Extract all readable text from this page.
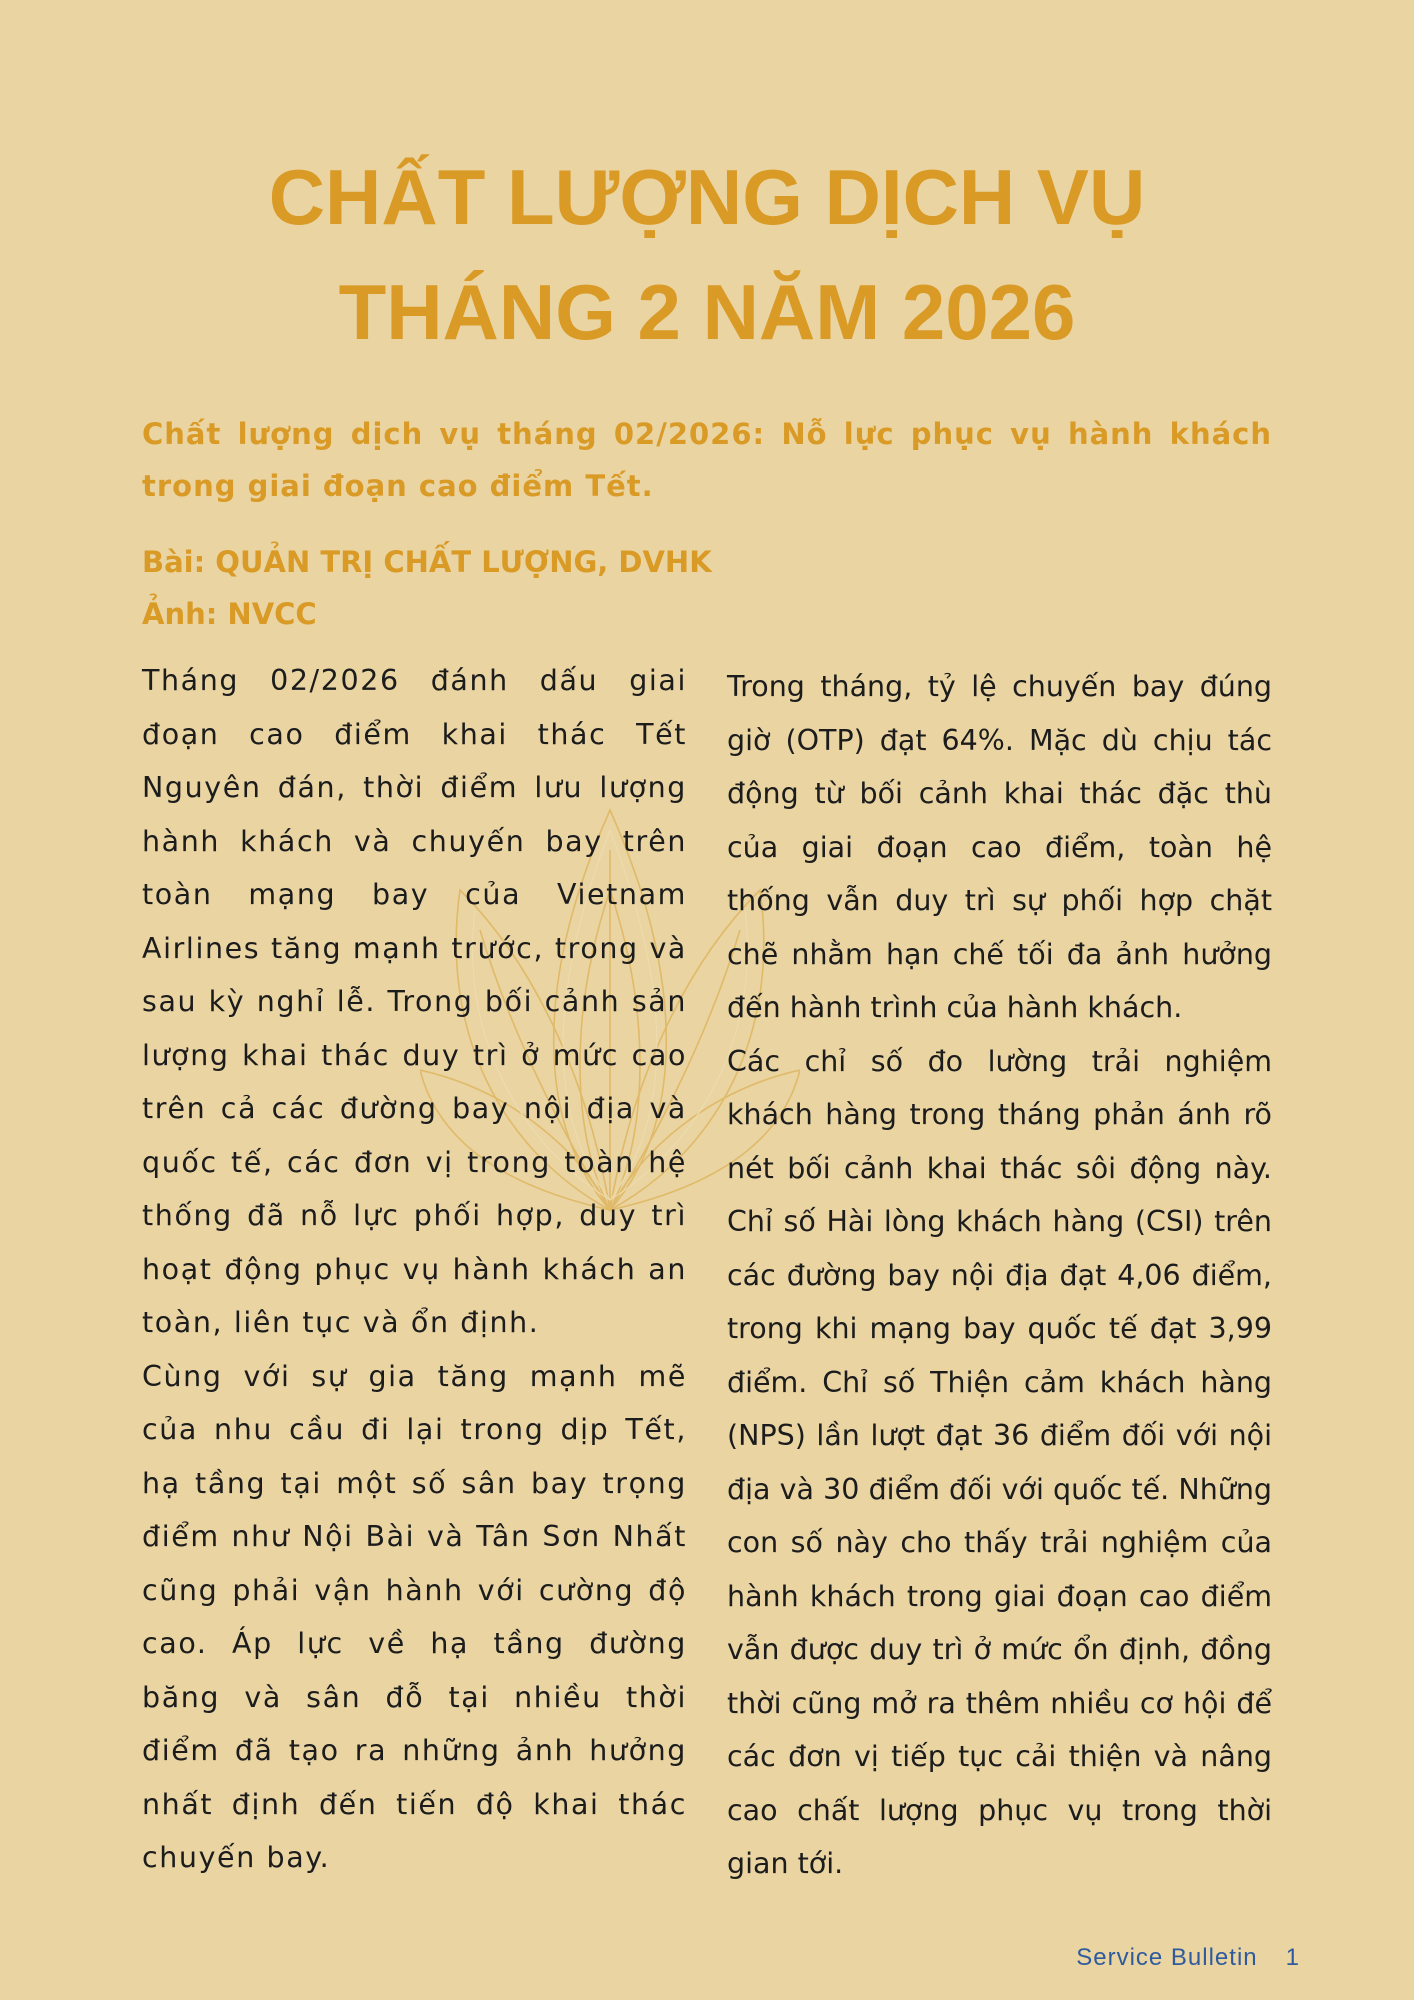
CHẤT LƯỢNG DỊCH VỤ
THÁNG 2 NĂM 2026

Chất lượng dịch vụ tháng 02/2026: Nỗ lực phục vụ hành khách trong giai đoạn cao điểm Tết.

Bài: QUẢN TRỊ CHẤT LƯỢNG, DVHK
Ảnh: NVCC

Tháng 02/2026 đánh dấu giai đoạn cao điểm khai thác Tết Nguyên đán, thời điểm lưu lượng hành khách và chuyến bay trên toàn mạng bay của Vietnam Airlines tăng mạnh trước, trong và sau kỳ nghỉ lễ. Trong bối cảnh sản lượng khai thác duy trì ở mức cao trên cả các đường bay nội địa và quốc tế, các đơn vị trong toàn hệ thống đã nỗ lực phối hợp, duy trì hoạt động phục vụ hành khách an toàn, liên tục và ổn định.

Cùng với sự gia tăng mạnh mẽ của nhu cầu đi lại trong dịp Tết, hạ tầng tại một số sân bay trọng điểm như Nội Bài và Tân Sơn Nhất cũng phải vận hành với cường độ cao. Áp lực về hạ tầng đường băng và sân đỗ tại nhiều thời điểm đã tạo ra những ảnh hưởng nhất định đến tiến độ khai thác chuyến bay.

Trong tháng, tỷ lệ chuyến bay đúng giờ (OTP) đạt 64%. Mặc dù chịu tác động từ bối cảnh khai thác đặc thù của giai đoạn cao điểm, toàn hệ thống vẫn duy trì sự phối hợp chặt chẽ nhằm hạn chế tối đa ảnh hưởng đến hành trình của hành khách.

Các chỉ số đo lường trải nghiệm khách hàng trong tháng phản ánh rõ nét bối cảnh khai thác sôi động này. Chỉ số Hài lòng khách hàng (CSI) trên các đường bay nội địa đạt 4,06 điểm, trong khi mạng bay quốc tế đạt 3,99 điểm. Chỉ số Thiện cảm khách hàng (NPS) lần lượt đạt 36 điểm đối với nội địa và 30 điểm đối với quốc tế. Những con số này cho thấy trải nghiệm của hành khách trong giai đoạn cao điểm vẫn được duy trì ở mức ổn định, đồng thời cũng mở ra thêm nhiều cơ hội để các đơn vị tiếp tục cải thiện và nâng cao chất lượng phục vụ trong thời gian tới.

Service Bulletin 1
